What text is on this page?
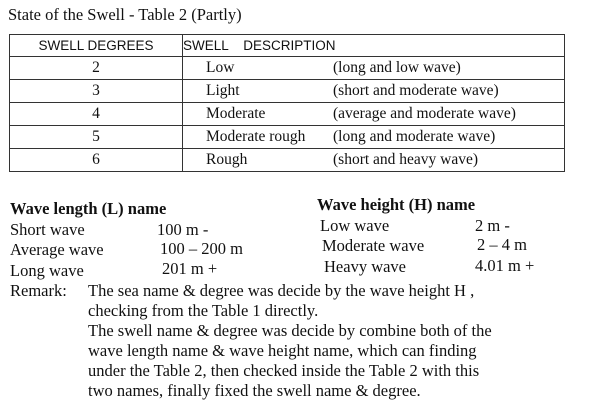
State of the Swell - Table 2 (Partly)
SWELL DEGREES	SWELL    DESCRIPTION
2	Low (long and low wave)

3	Light (short and moderate wave)

4	Moderate (average and moderate wave)

5	Moderate rough (long and moderate wave)

6	Rough (short and heavy wave)
Wave length (L) name
Short wave	100 m -
Average wave	100 – 200 m
Long wave	201 m +
Wave height (H) name
Low wave	2 m -
Moderate wave	2 – 4 m
Heavy wave	4.01 m +
Remark: The sea name & degree was decide by the wave height H ,
checking from the Table 1 directly.
The swell name & degree was decide by combine both of the
wave length name & wave height name, which can finding
under the Table 2, then checked inside the Table 2 with this
two names, finally fixed the swell name & degree.
